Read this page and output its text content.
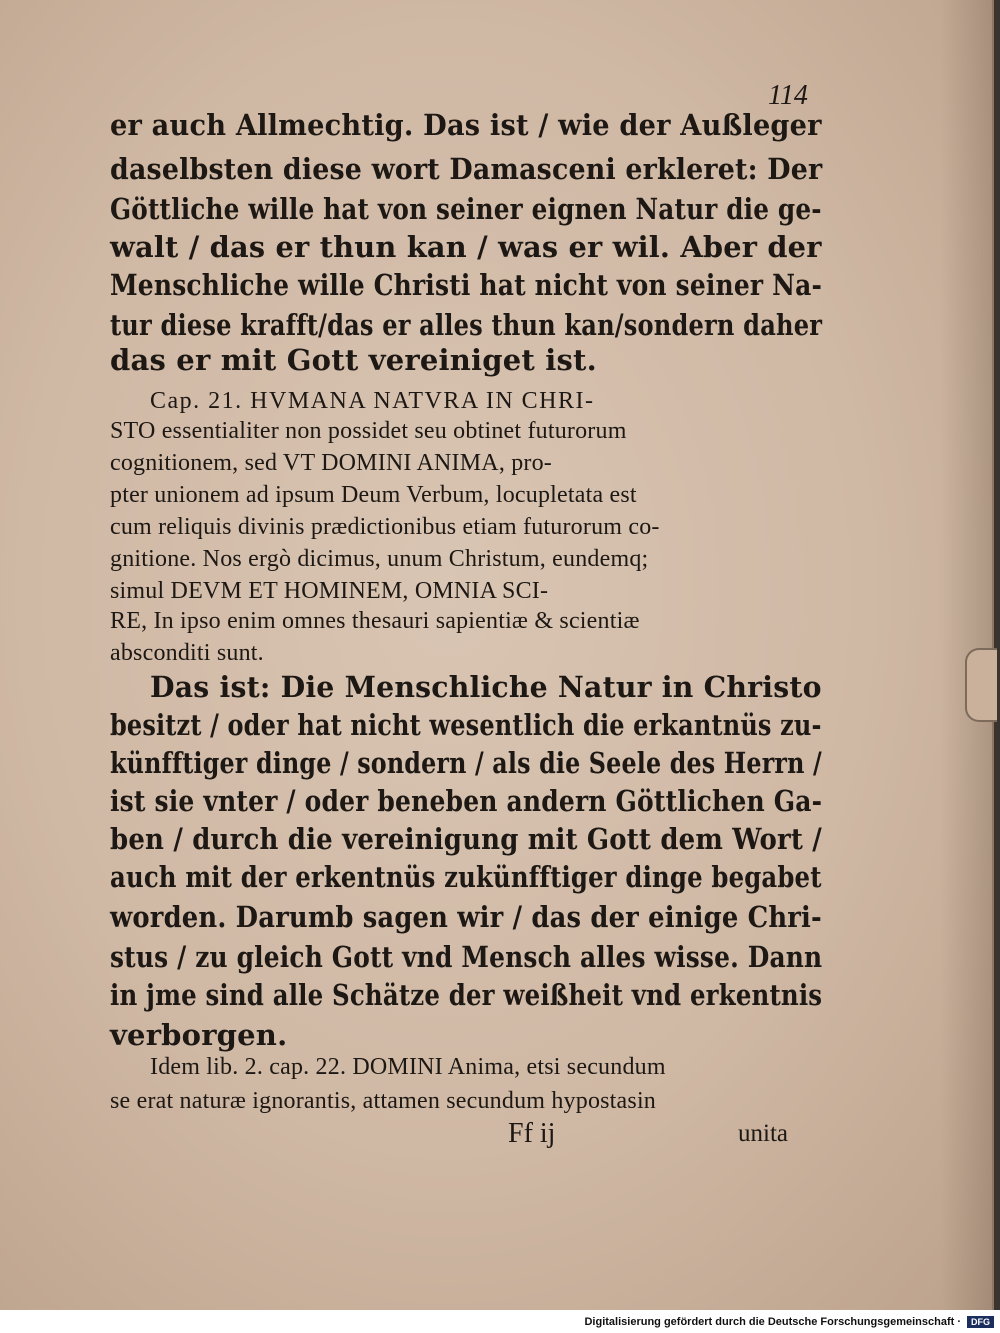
114
er auch Allmechtig. Das ist / wie der Außleger
daselbsten diese wort Damasceni erkleret: Der
Göttliche wille hat von seiner eignen Natur die ge-
walt / das er thun kan / was er wil. Aber der
Menschliche wille Christi hat nicht von seiner Na-
tur diese krafft/das er alles thun kan/sondern daher
das er mit Gott vereiniget ist.
Cap. 21. HVMANA NATVRA IN CHRI-
STO essentialiter non possidet seu obtinet futurorum
cognitionem, sed VT DOMINI ANIMA, pro-
pter unionem ad ipsum Deum Verbum, locupletata est
cum reliquis divinis prædictionibus etiam futurorum co-
gnitione. Nos ergò dicimus, unum Christum, eundemq;
simul DEVM ET HOMINEM, OMNIA SCI-
RE, In ipso enim omnes thesauri sapientiæ & scientiæ
absconditi sunt.
Das ist: Die Menschliche Natur in Christo
besitzt / oder hat nicht wesentlich die erkantnüs zu-
künfftiger dinge / sondern / als die Seele des Herrn /
ist sie vnter / oder beneben andern Göttlichen Ga-
ben / durch die vereinigung mit Gott dem Wort /
auch mit der erkentnüs zukünfftiger dinge begabet
worden. Darumb sagen wir / das der einige Chri-
stus / zu gleich Gott vnd Mensch alles wisse. Dann
in jme sind alle Schätze der weißheit vnd erkentnis
verborgen.
Idem lib. 2. cap. 22. DOMINI Anima, etsi secundum
se erat naturæ ignorantis, attamen secundum hypostasin
Ff ij	unita
Digitalisierung gefördert durch die Deutsche Forschungsgemeinschaft ·	DFG
